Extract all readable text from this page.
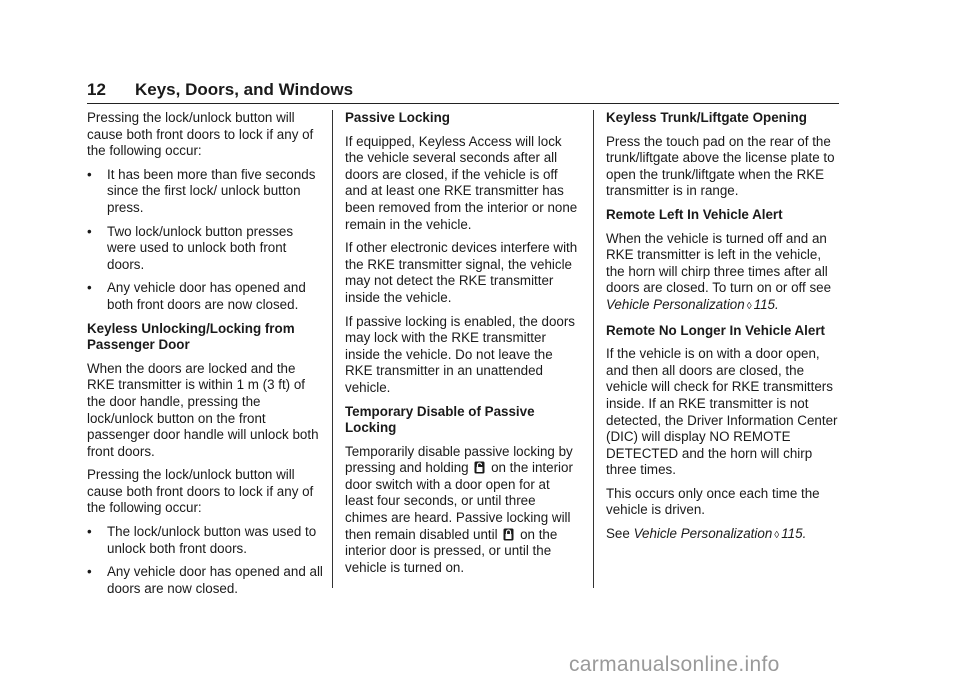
12 Keys, Doors, and Windows

Pressing the lock/unlock button will cause both front doors to lock if any of the following occur:

• It has been more than five seconds since the first lock/ unlock button press.
• Two lock/unlock button presses were used to unlock both front doors.
• Any vehicle door has opened and both front doors are now closed.

Keyless Unlocking/Locking from Passenger Door

When the doors are locked and the RKE transmitter is within 1 m (3 ft) of the door handle, pressing the lock/unlock button on the front passenger door handle will unlock both front doors.

Pressing the lock/unlock button will cause both front doors to lock if any of the following occur:

• The lock/unlock button was used to unlock both front doors.
• Any vehicle door has opened and all doors are now closed.

Passive Locking

If equipped, Keyless Access will lock the vehicle several seconds after all doors are closed, if the vehicle is off and at least one RKE transmitter has been removed from the interior or none remain in the vehicle.

If other electronic devices interfere with the RKE transmitter signal, the vehicle may not detect the RKE transmitter inside the vehicle.

If passive locking is enabled, the doors may lock with the RKE transmitter inside the vehicle. Do not leave the RKE transmitter in an unattended vehicle.

Temporary Disable of Passive Locking

Temporarily disable passive locking by pressing and holding on the interior door switch with a door open for at least four seconds, or until three chimes are heard. Passive locking will then remain disabled until on the interior door is pressed, or until the vehicle is turned on.

Keyless Trunk/Liftgate Opening

Press the touch pad on the rear of the trunk/liftgate above the license plate to open the trunk/liftgate when the RKE transmitter is in range.

Remote Left In Vehicle Alert

When the vehicle is turned off and an RKE transmitter is left in the vehicle, the horn will chirp three times after all doors are closed. To turn on or off see Vehicle Personalization ◊ 115.

Remote No Longer In Vehicle Alert

If the vehicle is on with a door open, and then all doors are closed, the vehicle will check for RKE transmitters inside. If an RKE transmitter is not detected, the Driver Information Center (DIC) will display NO REMOTE DETECTED and the horn will chirp three times.

This occurs only once each time the vehicle is driven.

See Vehicle Personalization ◊ 115.

carmanualsonline.info
